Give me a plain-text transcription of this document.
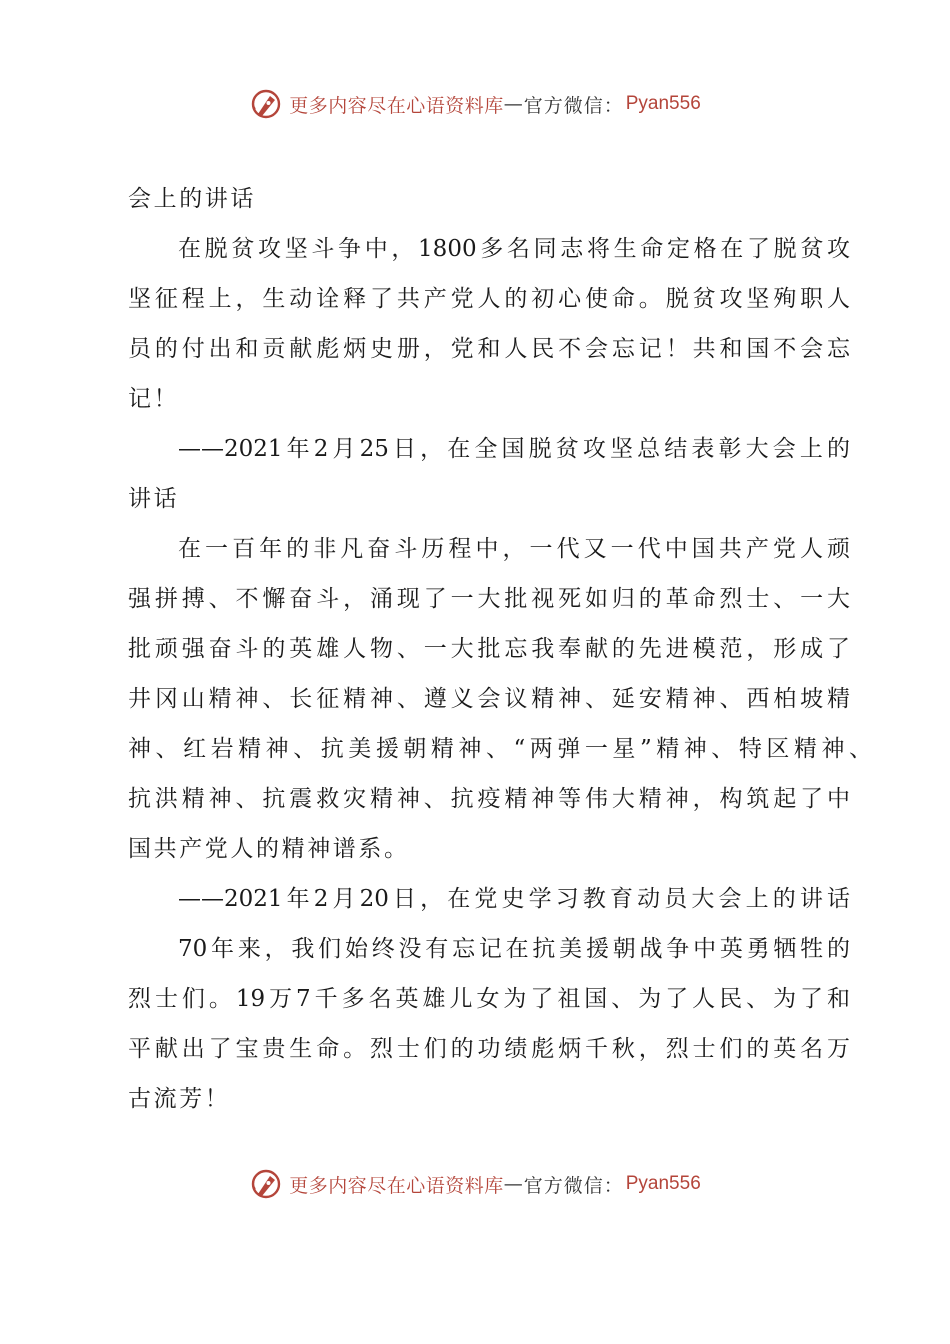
更多内容尽在心语资料库 — 官方微信： Pyan556
会上的讲话
在脱贫攻坚斗争中，1800多名同志将生命定格在了脱贫攻
坚征程上，生动诠释了共产党人的初心使命。脱贫攻坚殉职人
员的付出和贡献彪炳史册，党和人民不会忘记！共和国不会忘
记！
——2021年2月25日，在全国脱贫攻坚总结表彰大会上的
讲话
在一百年的非凡奋斗历程中，一代又一代中国共产党人顽
强拼搏、不懈奋斗，涌现了一大批视死如归的革命烈士、一大
批顽强奋斗的英雄人物、一大批忘我奉献的先进模范，形成了
井冈山精神、长征精神、遵义会议精神、延安精神、西柏坡精
神、红岩精神、抗美援朝精神、“两弹一星”精神、特区精神、
抗洪精神、抗震救灾精神、抗疫精神等伟大精神，构筑起了中
国共产党人的精神谱系。
——2021年2月20日，在党史学习教育动员大会上的讲话
70年来，我们始终没有忘记在抗美援朝战争中英勇牺牲的
烈士们。19万7千多名英雄儿女为了祖国、为了人民、为了和
平献出了宝贵生命。烈士们的功绩彪炳千秋，烈士们的英名万
古流芳！
更多内容尽在心语资料库 — 官方微信： Pyan556
